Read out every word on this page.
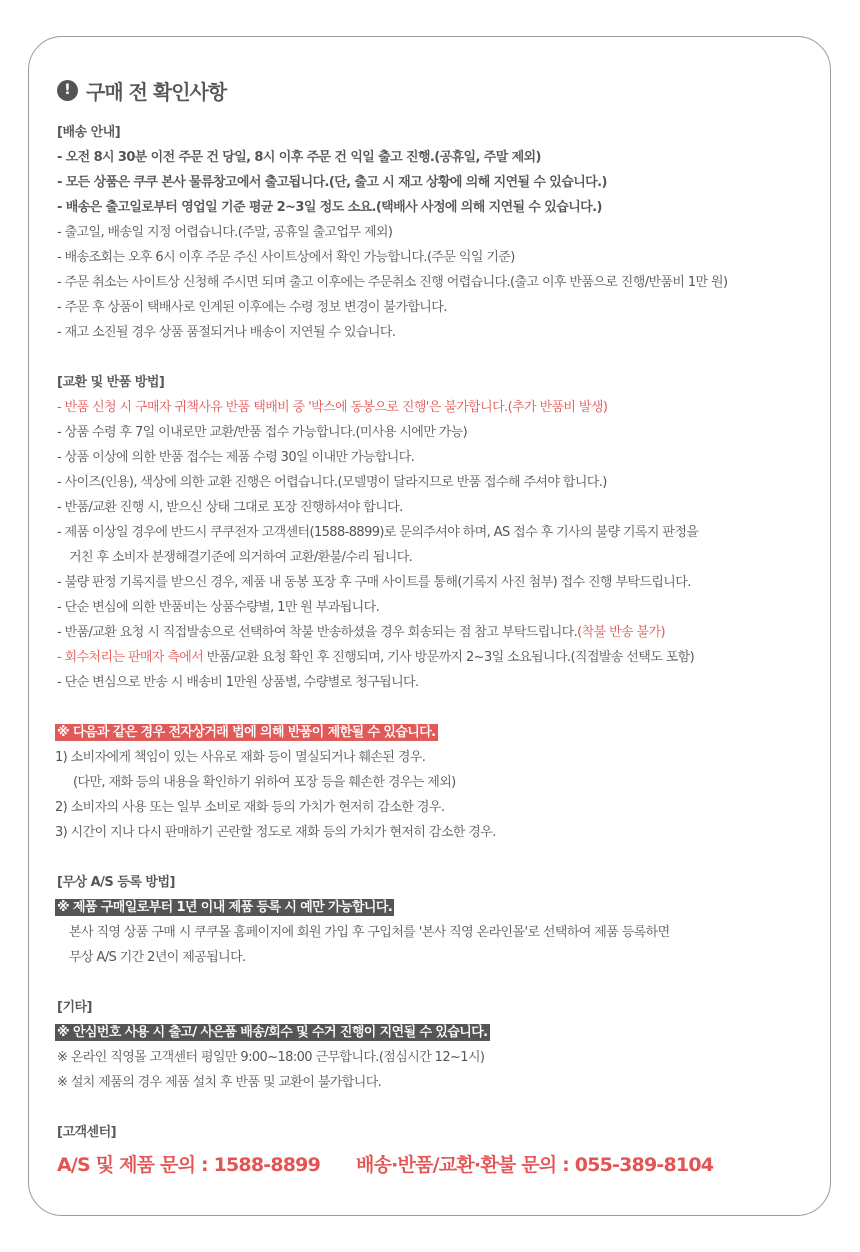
! 구매 전 확인사항
[배송 안내]
- 오전 8시 30분 이전 주문 건 당일, 8시 이후 주문 건 익일 출고 진행.(공휴일, 주말 제외)
- 모든 상품은 쿠쿠 본사 물류창고에서 출고됩니다.(단, 출고 시 재고 상황에 의해 지연될 수 있습니다.)
- 배송은 출고일로부터 영업일 기준 평균 2~3일 정도 소요.(택배사 사정에 의해 지연될 수 있습니다.)
- 출고일, 배송일 지정 어렵습니다.(주말, 공휴일 출고업무 제외)
- 배송조회는 오후 6시 이후 주문 주신 사이트상에서 확인 가능합니다.(주문 익일 기준)
- 주문 취소는 사이트상 신청해 주시면 되며 출고 이후에는 주문취소 진행 어렵습니다.(출고 이후 반품으로 진행/반품비 1만 원)
- 주문 후 상품이 택배사로 인계된 이후에는 수령 정보 변경이 불가합니다.
- 재고 소진될 경우 상품 품절되거나 배송이 지연될 수 있습니다.
[교환 및 반품 방법]
- 반품 신청 시 구매자 귀책사유 반품 택배비 중 '박스에 동봉으로 진행'은 불가합니다.(추가 반품비 발생)
- 상품 수령 후 7일 이내로만 교환/반품 접수 가능합니다.(미사용 시에만 가능)
- 상품 이상에 의한 반품 접수는 제품 수령 30일 이내만 가능합니다.
- 사이즈(인용), 색상에 의한 교환 진행은 어렵습니다.(모델명이 달라지므로 반품 접수해 주셔야 합니다.)
- 반품/교환 진행 시, 받으신 상태 그대로 포장 진행하셔야 합니다.
- 제품 이상일 경우에 반드시 쿠쿠전자 고객센터(1588-8899)로 문의주셔야 하며, AS 접수 후 기사의 불량 기록지 판정을
거친 후 소비자 분쟁해결기준에 의거하여 교환/환불/수리 됩니다.
- 불량 판정 기록지를 받으신 경우, 제품 내 동봉 포장 후 구매 사이트를 통해(기록지 사진 첨부) 접수 진행 부탁드립니다.
- 단순 변심에 의한 반품비는 상품수량별, 1만 원 부과됩니다.
- 반품/교환 요청 시 직접발송으로 선택하여 착불 반송하셨을 경우 회송되는 점 참고 부탁드립니다.(착불 반송 불가)
- 회수처리는 판매자 측에서 반품/교환 요청 확인 후 진행되며, 기사 방문까지 2~3일 소요됩니다.(직접발송 선택도 포함)
- 단순 변심으로 반송 시 배송비 1만원 상품별, 수량별로 청구됩니다.
※ 다음과 같은 경우 전자상거래 법에 의해 반품이 제한될 수 있습니다.
1) 소비자에게 책임이 있는 사유로 재화 등이 멸실되거나 훼손된 경우.
(다만, 재화 등의 내용을 확인하기 위하여 포장 등을 훼손한 경우는 제외)
2) 소비자의 사용 또는 일부 소비로 재화 등의 가치가 현저히 감소한 경우.
3) 시간이 지나 다시 판매하기 곤란할 정도로 재화 등의 가치가 현저히 감소한 경우.
[무상 A/S 등록 방법]
※ 제품 구매일로부터 1년 이내 제품 등록 시 예만 가능합니다.
본사 직영 상품 구매 시 쿠쿠몰 홈페이지에 회원 가입 후 구입처를 '본사 직영 온라인몰'로 선택하여 제품 등록하면
무상 A/S 기간 2년이 제공됩니다.
[기타]
※ 안심번호 사용 시 출고/ 사은품 배송/회수 및 수거 진행이 지연될 수 있습니다.
※ 온라인 직영몰 고객센터 평일만 9:00~18:00 근무합니다.(점심시간 12~1시)
※ 설치 제품의 경우 제품 설치 후 반품 및 교환이 불가합니다.
[고객센터]
A/S 및 제품 문의 : 1588-8899 배송·반품/교환·환불 문의 : 055-389-8104
